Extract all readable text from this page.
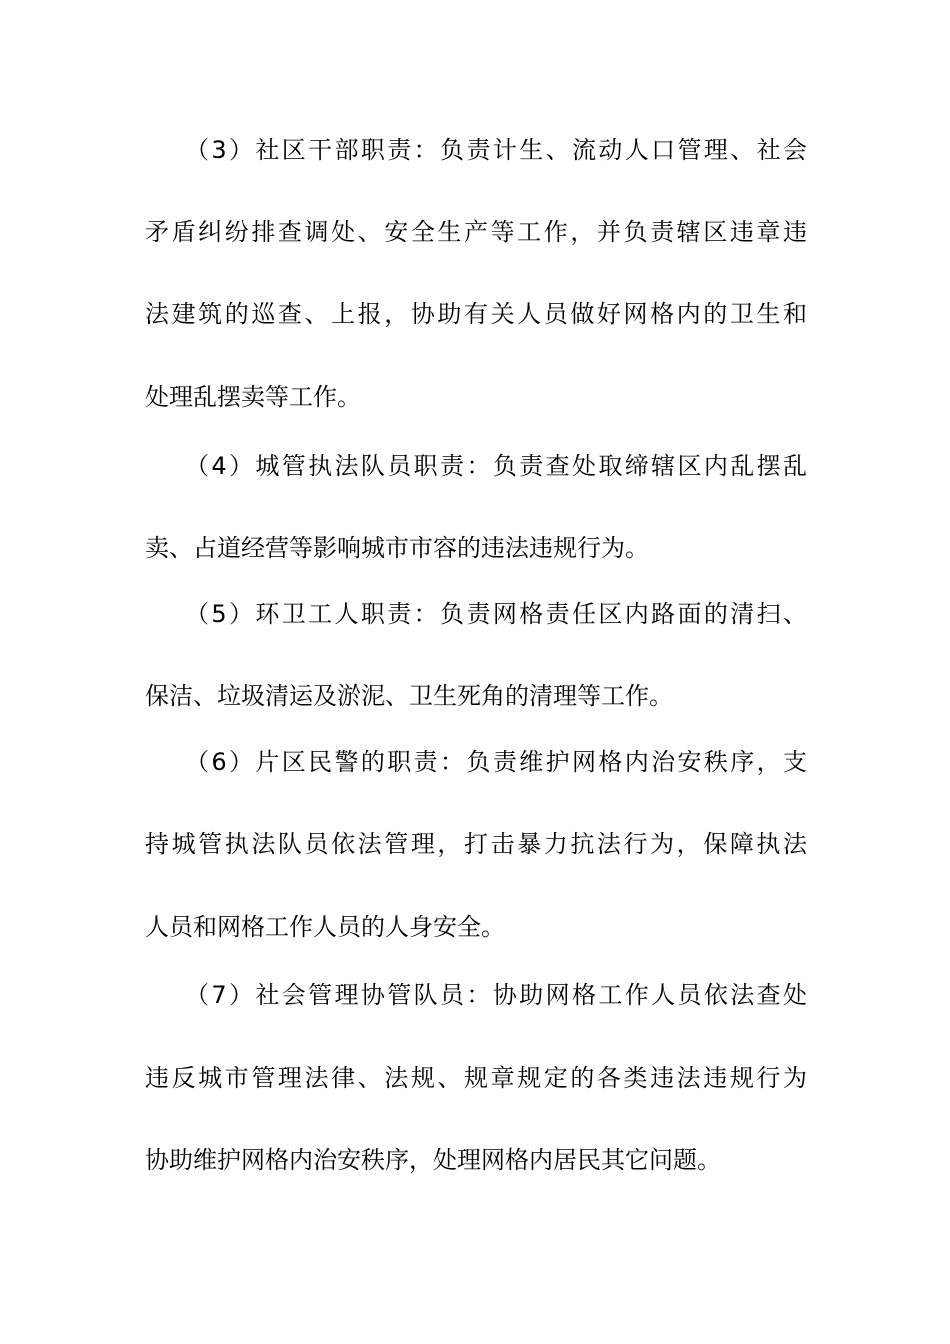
（3）社区干部职责：负责计生、流动人口管理、社会
矛盾纠纷排查调处、安全生产等工作，并负责辖区违章违
法建筑的巡查、上报，协助有关人员做好网格内的卫生和
处理乱摆卖等工作。
（4）城管执法队员职责：负责查处取缔辖区内乱摆乱
卖、占道经营等影响城市市容的违法违规行为。
（5）环卫工人职责：负责网格责任区内路面的清扫、
保洁、垃圾清运及淤泥、卫生死角的清理等工作。
（6）片区民警的职责：负责维护网格内治安秩序，支
持城管执法队员依法管理，打击暴力抗法行为，保障执法
人员和网格工作人员的人身安全。
（7）社会管理协管队员：协助网格工作人员依法查处
违反城市管理法律、法规、规章规定的各类违法违规行为
协助维护网格内治安秩序，处理网格内居民其它问题。
